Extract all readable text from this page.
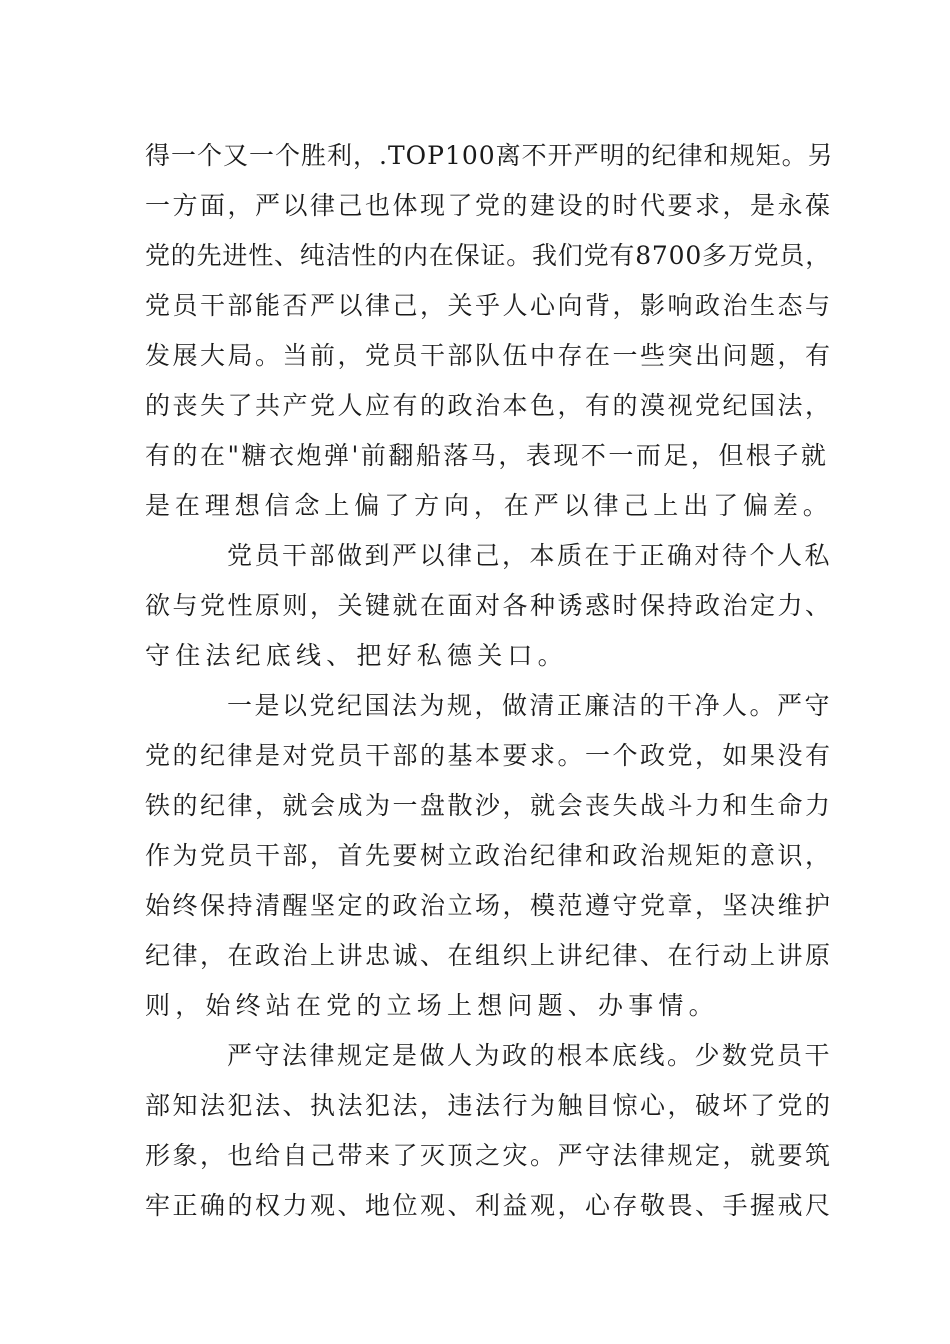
得一个又一个胜利，.TOP100离不开严明的纪律和规矩。另

一方面，严以律己也体现了党的建设的时代要求，是永葆

党的先进性、纯洁性的内在保证。我们党有8700多万党员，

党员干部能否严以律己，关乎人心向背，影响政治生态与

发展大局。当前，党员干部队伍中存在一些突出问题，有

的丧失了共产党人应有的政治本色，有的漠视党纪国法，

有的在"糖衣炮弹'前翻船落马，表现不一而足，但根子就

是在理想信念上偏了方向，在严以律己上出了偏差。

党员干部做到严以律己，本质在于正确对待个人私

欲与党性原则，关键就在面对各种诱惑时保持政治定力、

守住法纪底线、把好私德关口。

一是以党纪国法为规，做清正廉洁的干净人。严守

党的纪律是对党员干部的基本要求。一个政党，如果没有

铁的纪律，就会成为一盘散沙，就会丧失战斗力和生命力

作为党员干部，首先要树立政治纪律和政治规矩的意识，

始终保持清醒坚定的政治立场，模范遵守党章，坚决维护

纪律，在政治上讲忠诚、在组织上讲纪律、在行动上讲原

则，始终站在党的立场上想问题、办事情。

严守法律规定是做人为政的根本底线。少数党员干

部知法犯法、执法犯法，违法行为触目惊心，破坏了党的

形象，也给自己带来了灭顶之灾。严守法律规定，就要筑

牢正确的权力观、地位观、利益观，心存敬畏、手握戒尺
